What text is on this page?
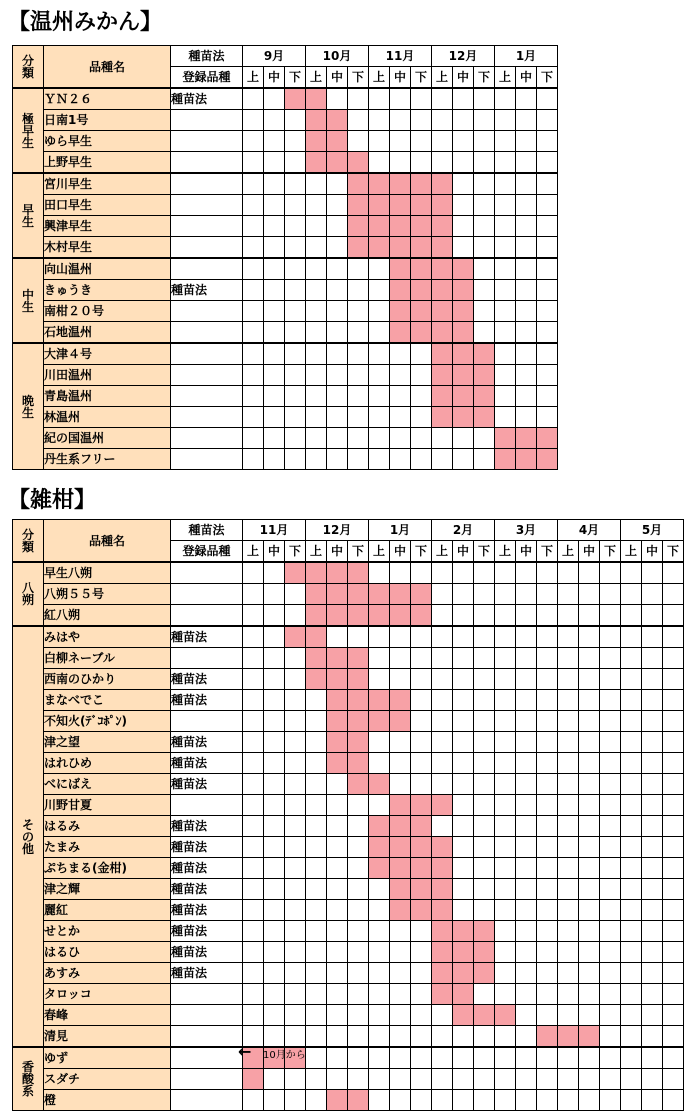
【温州みかん】
分
類	品種名	種苗法	9月			10月			11月			12月			1月		
		登録品種	上	中	下	上	中	下	上	中	下	上	中	下	上	中	下

極
早
生	ＹＮ２６	種苗法															
	日南1号																
	ゆら早生																
	上野早生																

早
生	宮川早生																
	田口早生																
	興津早生																
	木村早生																

中
生	向山温州																
	きゅうき	種苗法															
	南柑２０号																
	石地温州																

晩
生	大津４号																
	川田温州																
	青島温州																
	林温州																
	紀の国温州																
	丹生系フリー																
【雑柑】
分
類	品種名	種苗法	11月			12月			1月			2月			3月			4月			5月		
		登録品種	上	中	下	上	中	下	上	中	下	上	中	下	上	中	下	上	中	下	上	中	下

八
朔	早生八朔																						
	八朔５５号																						
	紅八朔																						

そ
の
他	みはや	種苗法																					
	白柳ネーブル																						
	西南のひかり	種苗法																					
	まなべでこ	種苗法																					
	不知火(ﾃﾞｺﾎﾟﾝ)																						
	津之望	種苗法																					
	はれひめ	種苗法																					
	べにばえ	種苗法																					
	川野甘夏																						
	はるみ	種苗法																					
	たまみ	種苗法																					
	ぷちまる(金柑)	種苗法																					
	津之輝	種苗法																					
	麗紅	種苗法																					
	せとか	種苗法																					
	はるひ	種苗法																					
	あすみ	種苗法																					
	タロッコ																						
	春峰																						
	清見																						

香
酸
系	ゆず																						
	スダチ																						
	橙																						
← 10月から
